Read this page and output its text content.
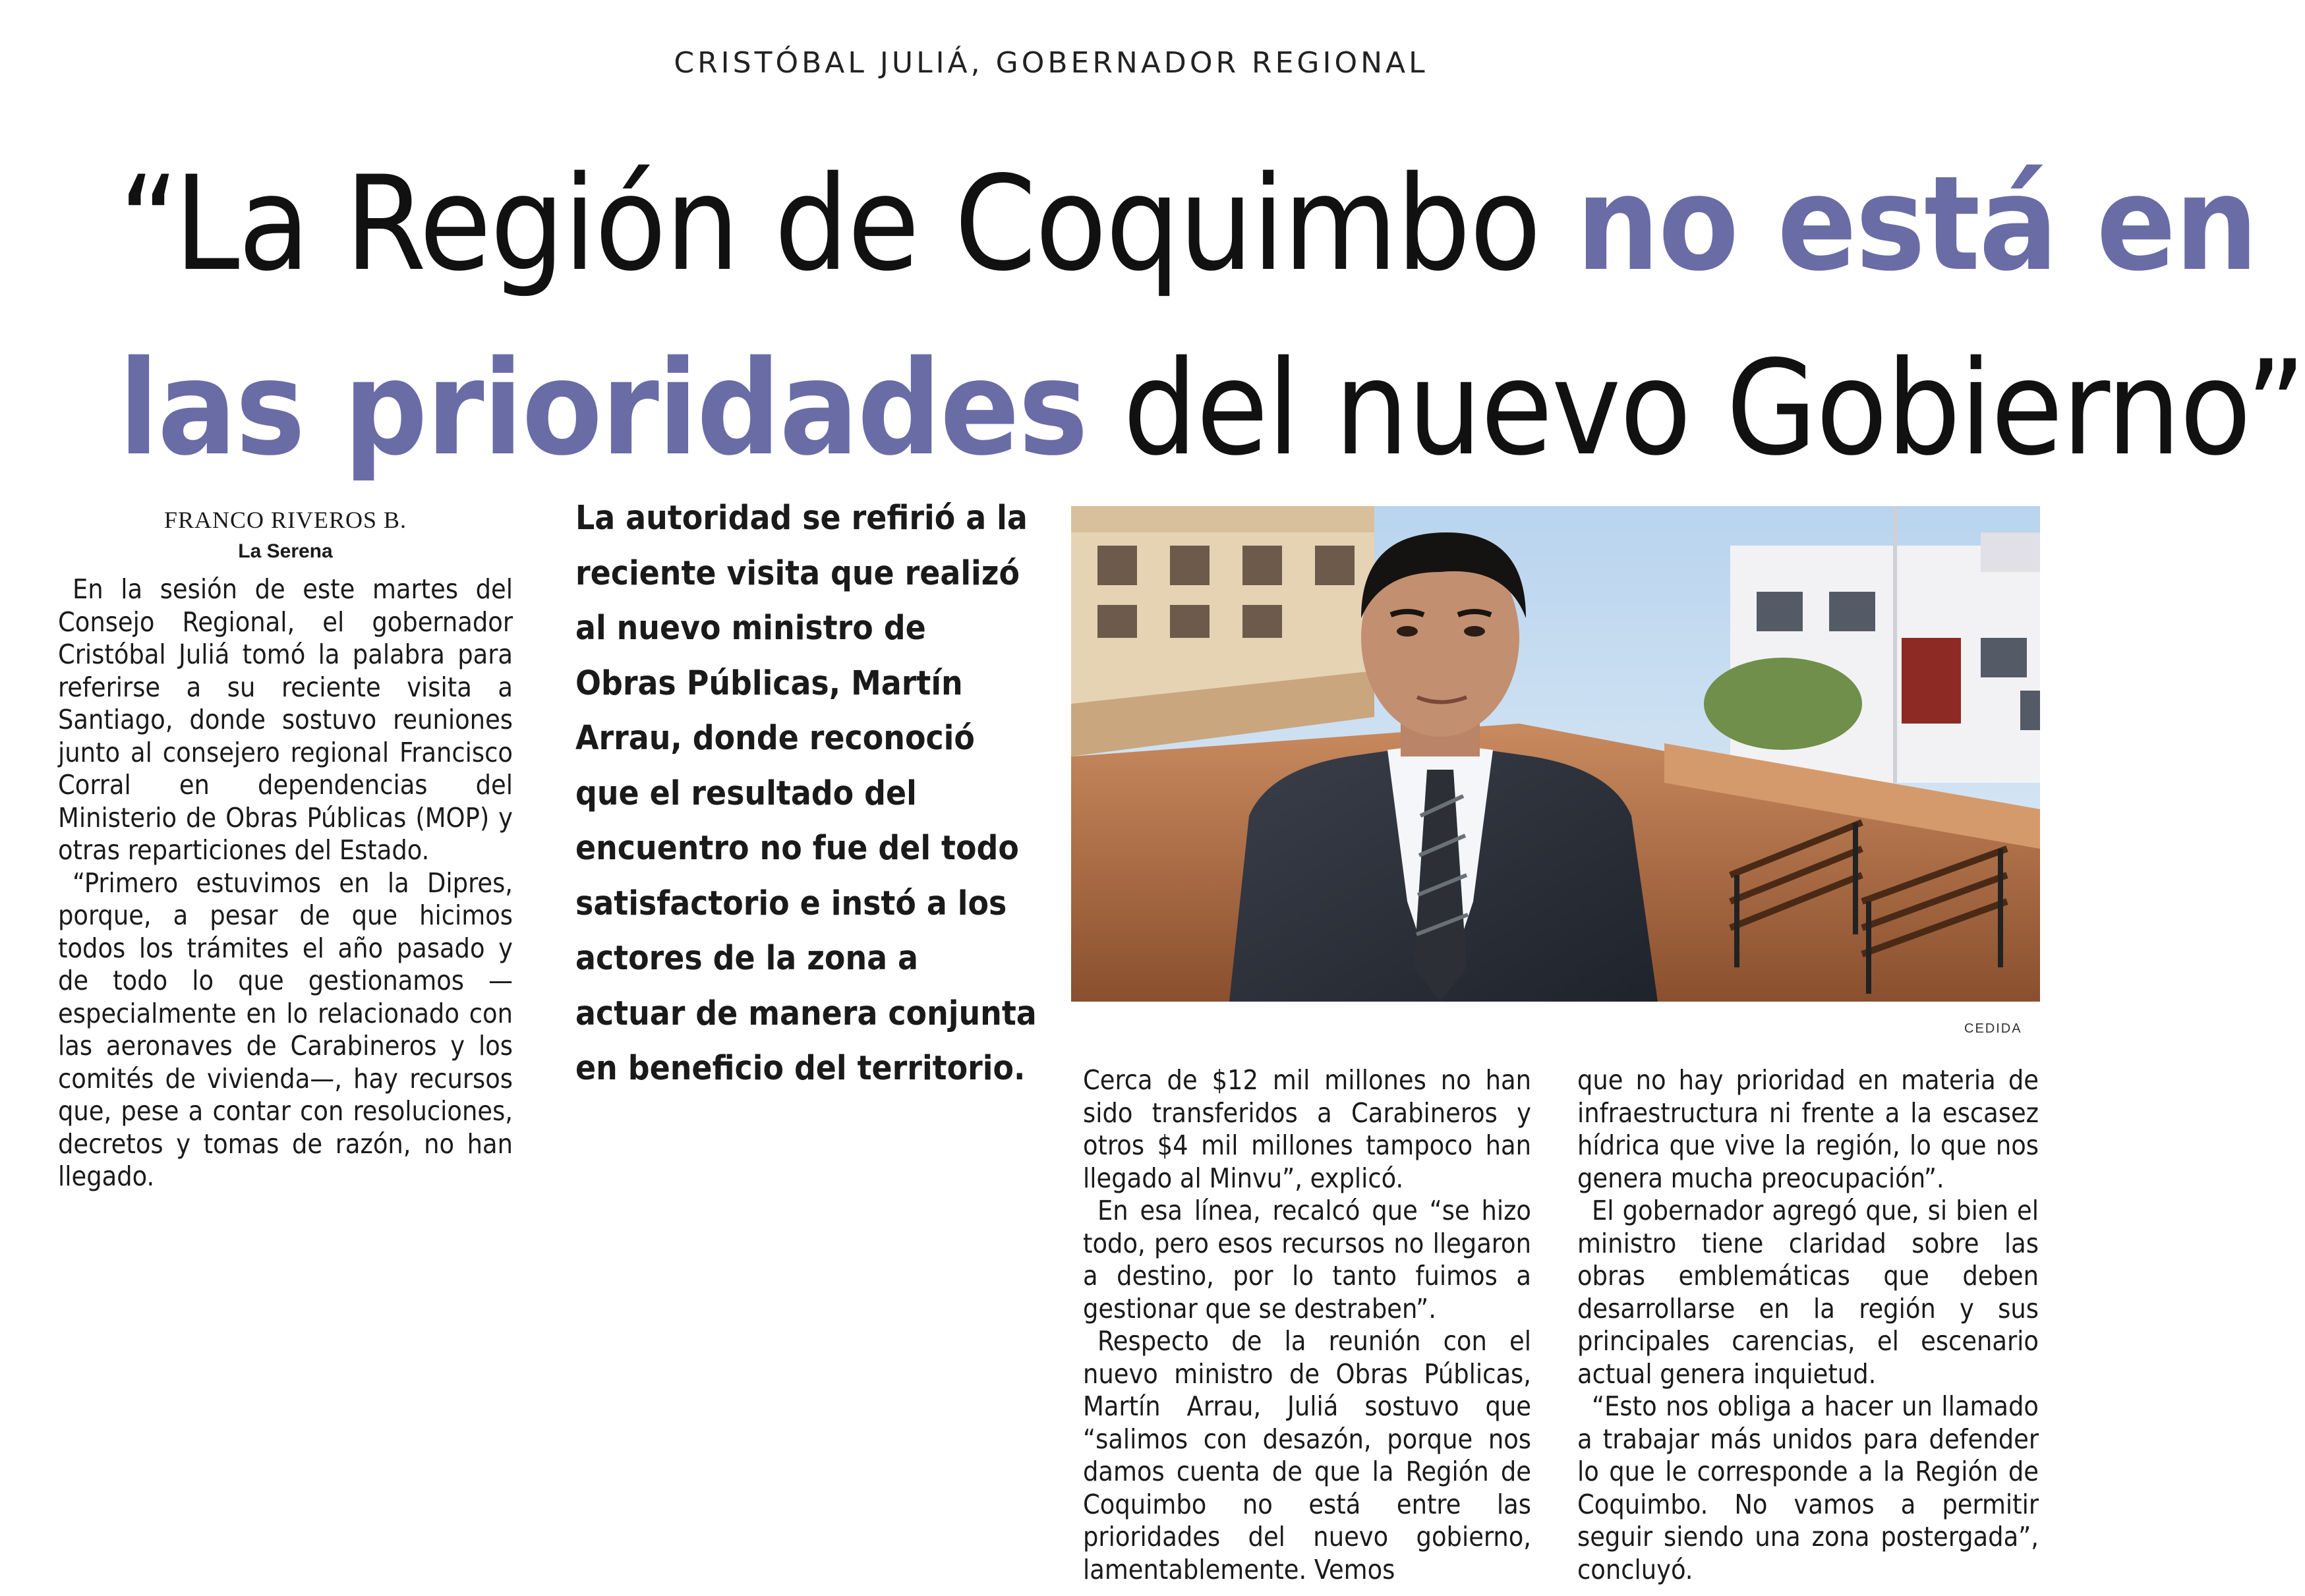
CRISTÓBAL JULIÁ, GOBERNADOR REGIONAL
“La Región de Coquimbo no está en
las prioridades del nuevo Gobierno”
FRANCO RIVEROS B.
La Serena

En la sesión de este martes del Consejo Regional, el gobernador Cristóbal Juliá tomó la palabra para referirse a su reciente visita a Santiago, donde sostuvo reuniones junto al consejero regional Francisco Corral en dependencias del Ministerio de Obras Públicas (MOP) y otras reparticiones del Estado.

“Primero estuvimos en la Dipres, porque, a pesar de que hicimos todos los trámites el año pasado y de todo lo que gestionamos —especialmente en lo relacionado con las aeronaves de Carabineros y los comités de vivienda—, hay recursos que, pese a contar con resoluciones, decretos y tomas de razón, no han llegado.

La autoridad se refirió a la reciente visita que realizó al nuevo ministro de Obras Públicas, Martín Arrau, donde reconoció que el resultado del encuentro no fue del todo satisfactorio e instó a los actores de la zona a actuar de manera conjunta en beneficio del territorio.
CEDIDA

Cerca de $12 mil millones no han sido transferidos a Carabineros y otros $4 mil millones tampoco han llegado al Minvu”, explicó.

En esa línea, recalcó que “se hizo todo, pero esos recursos no llegaron a destino, por lo tanto fuimos a gestionar que se destraben”.

Respecto de la reunión con el nuevo ministro de Obras Públicas, Martín Arrau, Juliá sostuvo que “salimos con desazón, porque nos damos cuenta de que la Región de Coquimbo no está entre las prioridades del nuevo gobierno, lamentablemente. Vemos

que no hay prioridad en materia de infraestructura ni frente a la escasez hídrica que vive la región, lo que nos genera mucha preocupación”.

El gobernador agregó que, si bien el ministro tiene claridad sobre las obras emblemáticas que deben desarrollarse en la región y sus principales carencias, el escenario actual genera inquietud.

“Esto nos obliga a hacer un llamado a trabajar más unidos para defender lo que le corresponde a la Región de Coquimbo. No vamos a permitir seguir siendo una zona postergada”, concluyó.
